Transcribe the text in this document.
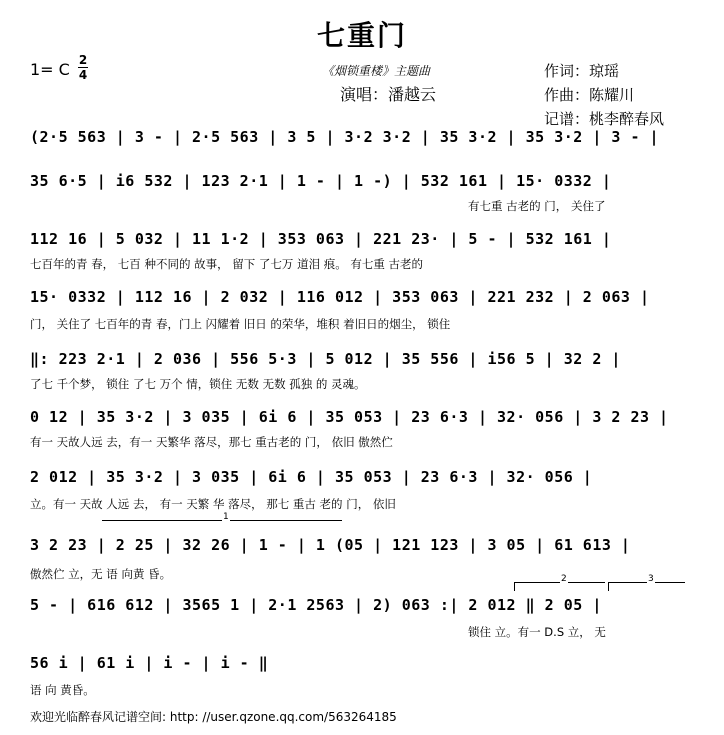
七重门
1= C 2
4	《烟锁重楼》主题曲
演唱：潘越云
作词：琼瑶
作曲：陈耀川
记谱：桃李醉春风
(2·5 563 | 3 - | 2·5 563 | 3 5 | 3·2 3·2 | 35 3·2 | 35 3·2 | 3 - |
35 6·5 | i6 532 | 123 2·1 | 1 - | 1 -) | 532 161 | 15· 0332 |
有七重 古老的 门， 关住了
112 16 | 5 032 | 11 1·2 | 353 063 | 221 23· | 5 - | 532 161 |
七百年的青 春， 七百 种不同的 故事， 留下 了七万 道泪 痕。 有七重 古老的
15· 0332 | 112 16 | 2 032 | 116 012 | 353 063 | 221 232 | 2 063 |
门， 关住了 七百年的青 春，门上 闪耀着 旧日 的荣华，堆积 着旧日的烟尘， 锁住
‖: 223 2·1 | 2 036 | 556 5·3 | 5 012 | 35 556 | i56 5 | 32 2 |
了七 千个梦， 锁住 了七 万个 情，锁住 无数 无数 孤独 的 灵魂。
0 12 | 35 3·2 | 3 035 | 6i 6 | 35 053 | 23 6·3 | 32· 056 | 3 2 23 |
有一 天故人远 去，有一 天繁华 落尽，那七 重古老的 门， 依旧 傲然伫
2 012 | 35 3·2 | 3 035 | 6i 6 | 35 053 | 23 6·3 | 32· 056 |
立。有一 天故 人远 去， 有一 天繁 华 落尽， 那七 重古 老的 门， 依旧
1
3 2 23 | 2 25 | 32 26 | 1 - | 1 (05 | 121 123 | 3 05 | 61 613 |
傲然伫 立，无 语 向黄 昏。	2	3
5 - | 616 612 | 3565 1 | 2·1 2563 | 2) 063 :| 2 012 ‖ 2 05 |
锁住 立。有一 D.S 立， 无
56 i | 61 i | i - | i - ‖
语 向 黄昏。
欢迎光临醉春风记谱空间: http: //user.qzone.qq.com/563264185
